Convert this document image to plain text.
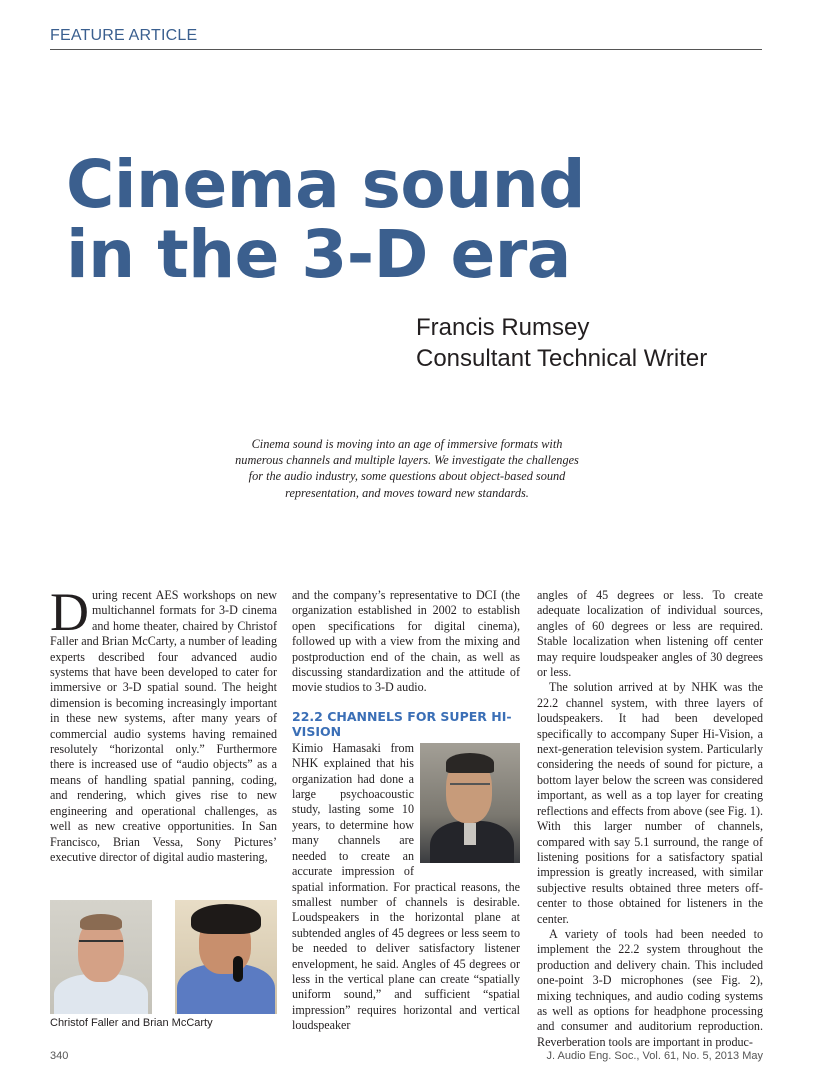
FEATURE ARTICLE
Cinema sound
in the 3-D era
Francis Rumsey
Consultant Technical Writer
Cinema sound is moving into an age of immersive formats with numerous channels and multiple layers. We investigate the challenges for the audio industry, some questions about object-based sound representation, and moves toward new standards.

During recent AES workshops on new multichannel formats for 3-D cinema and home theater, chaired by Christof Faller and Brian McCarty, a number of leading experts described four advanced audio systems that have been developed to cater for immersive or 3-D spatial sound. The height dimension is becoming increasingly important in these new systems, after many years of commercial audio systems having remained resolutely “horizontal only.” Furthermore there is increased use of “audio objects” as a means of handling spatial panning, coding, and rendering, which gives rise to new engineering and operational challenges, as well as new creative opportunities. In San Francisco, Brian Vessa, Sony Pictures’ executive director of digital audio mastering,

and the company’s representative to DCI (the organization established in 2002 to establish open specifications for digital cinema), followed up with a view from the mixing and postproduction end of the chain, as well as discussing standardization and the attitude of movie studios to 3-D audio.

22.2 CHANNELS FOR SUPER HI-VISION

Kimio Hamasaki from NHK explained that his organization had done a large psychoacoustic study, lasting some 10 years, to determine how many channels are needed to create an accurate impression of spatial information. For practical reasons, the smallest number of channels is desirable. Loudspeakers in the horizontal plane at subtended angles of 45 degrees or less seem to be needed to deliver satisfactory listener envelopment, he said. Angles of 45 degrees or less in the vertical plane can create “spatially uniform sound,” and sufficient “spatial impression” requires horizontal and vertical loudspeaker

angles of 45 degrees or less. To create adequate localization of individual sources, angles of 60 degrees or less are required. Stable localization when listening off center may require loudspeaker angles of 30 degrees or less.

The solution arrived at by NHK was the 22.2 channel system, with three layers of loudspeakers. It had been developed specifically to accompany Super Hi-Vision, a next-generation television system. Particularly considering the needs of sound for picture, a bottom layer below the screen was considered important, as well as a top layer for creating reflections and effects from above (see Fig. 1). With this larger number of channels, compared with say 5.1 surround, the range of listening positions for a satisfactory spatial impression is greatly increased, with similar subjective results obtained three meters off-center to those obtained for listeners in the center.

A variety of tools had been needed to implement the 22.2 system throughout the production and delivery chain. This included one-point 3-D microphones (see Fig. 2), mixing techniques, and audio coding systems as well as options for headphone processing and consumer and auditorium reproduction. Reverberation tools are important in produc-

Christof Faller and Brian McCarty
340	J. Audio Eng. Soc., Vol. 61, No. 5, 2013 May
